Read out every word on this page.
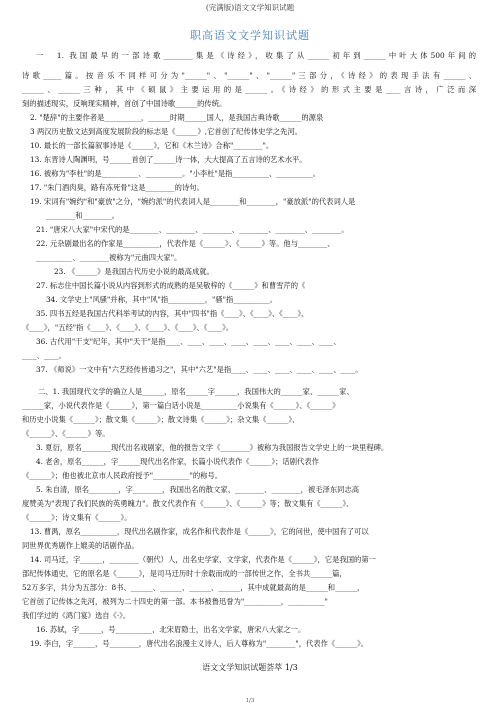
(完满版)语文文学知识试题
职高语文文学知识试题
一　1. 我国最早的一部诗歌________集是《诗经》，收集了从______初年到______中叶大体500年间的
诗歌_____篇。按音乐不同样可分为"______"、"______"、"______"三部分，《诗经》的表现手法有______、
______、______三种，其中《硕鼠》主要运用的是______。《诗经》的形式主要是____言诗，广泛而深
刻的描述现实，反响现实精神，首创了中国诗歌______的传统。
2. "楚辞"的主要作者是__________，______时期______国人，是我国古典诗歌______的源泉
3 两汉历史散文达到高度发展阶段的标志是《______》,它首创了纪传体史学之先河。
10. 最长的一部长篇叙事诗是《______》，它和《木兰诗》合称"________"。
13. 东晋诗人陶渊明，号______首创了______诗一体，大大提高了五言诗的艺术水平。
16. 被称为"李杜"的是__________、__________。"小李杜"是指__________、__________。
17. "朱门酒肉臭，路有冻死骨"这是________的诗句。
19. 宋词有"婉约"和"豪放"之分，"婉约派"的代表词人是________和________，"豪放派"的代表词人是
________和________。
21. "唐宋八大家"中宋代的是________、________、________、________、________、________。
22. 元杂剧最出名的作家是__________，代表作是《______》、《______》等。他与________、
__________、________被称为"元曲四大家"。
23. 《______》是我国古代历史小说的最高成就。
27. 标志住中国长篇小说从内容到形式的成熟的是吴敬梓的《______》和曹雪芹的《
34. 文学史上"风骚"并称，其中"风"指__________，"骚"指__________。
35. 四书五经是我国古代科举考试的内容，其中"四书"指《____》、《____》、《____》、
《____》，"五经"指《____》、《____》、《____》、《____》、《____》。
36. 古代用"干支"纪年，其中"天干"是指____、____、____、____、____、____、____、____、
____、____。
37. 《师说》一文中有"六艺经传皆通习之"，其中"六艺"是指____、____、____、____、____、____。
二、1. 我国现代文学的确立人是______，原名______字______，我国伟大的______家、______家、
______家，小说代表作是《______》，第一篇白话小说是__________小说集有《______》、《______》
和历史小说集《______》；散文集《______》；散文诗集《______》；杂文集《______》、
《______》、《______》等。
3. 夏衍，原名________现代出名戏剧家，他的报告文学《________》被称为我国报告文学史上的一块里程碑。
4. 老舍，原名______，字______现代出名作家，长篇小说代表作《______》；话剧代表作
《______》；他也被北京市人民政府授予"__________"的称号。
5. 朱自清，原名________，字________，我国出名的散文家、________、________，被毛泽东同志高
度赞美为"表现了我们民族的英勇魄力"。散文代表作有《______》、《______》等；散文集有《______》、
《______》；诗文集有《______》。
13. 曹禺，原名__________，现代出名剧作家，成名作和代表作是《______》，它的问世，使中国有了可以
同世界优秀剧作上媲美的话剧作品。
14. 司马迁，字______，________（朝代）人，出名史学家、文学家，代表作是《______》，它是我国的第一
部纪传体通史，它的原名是《______》，是司马迁历时十余载而成的一部传世之作，全书共______篇，
52万多字，共分为五部分：8书、______、______、______、______，其中成就最高的是______和______，
它首创了记传体之先河，被列为二十四史的第一部。本书被鲁迅誉为"__________，__________"
我们学过的《鸿门宴》选自《·》。
16. 苏轼，字______，号__________，北宋眉隐士，出名文学家，唐宋八大家之一。
19. 李白，字______，号________，唐代出名浪漫主义诗人，后人尊称为"________"，代表作《______》。
语文文学知识试题荟萃 1/3
1/3
